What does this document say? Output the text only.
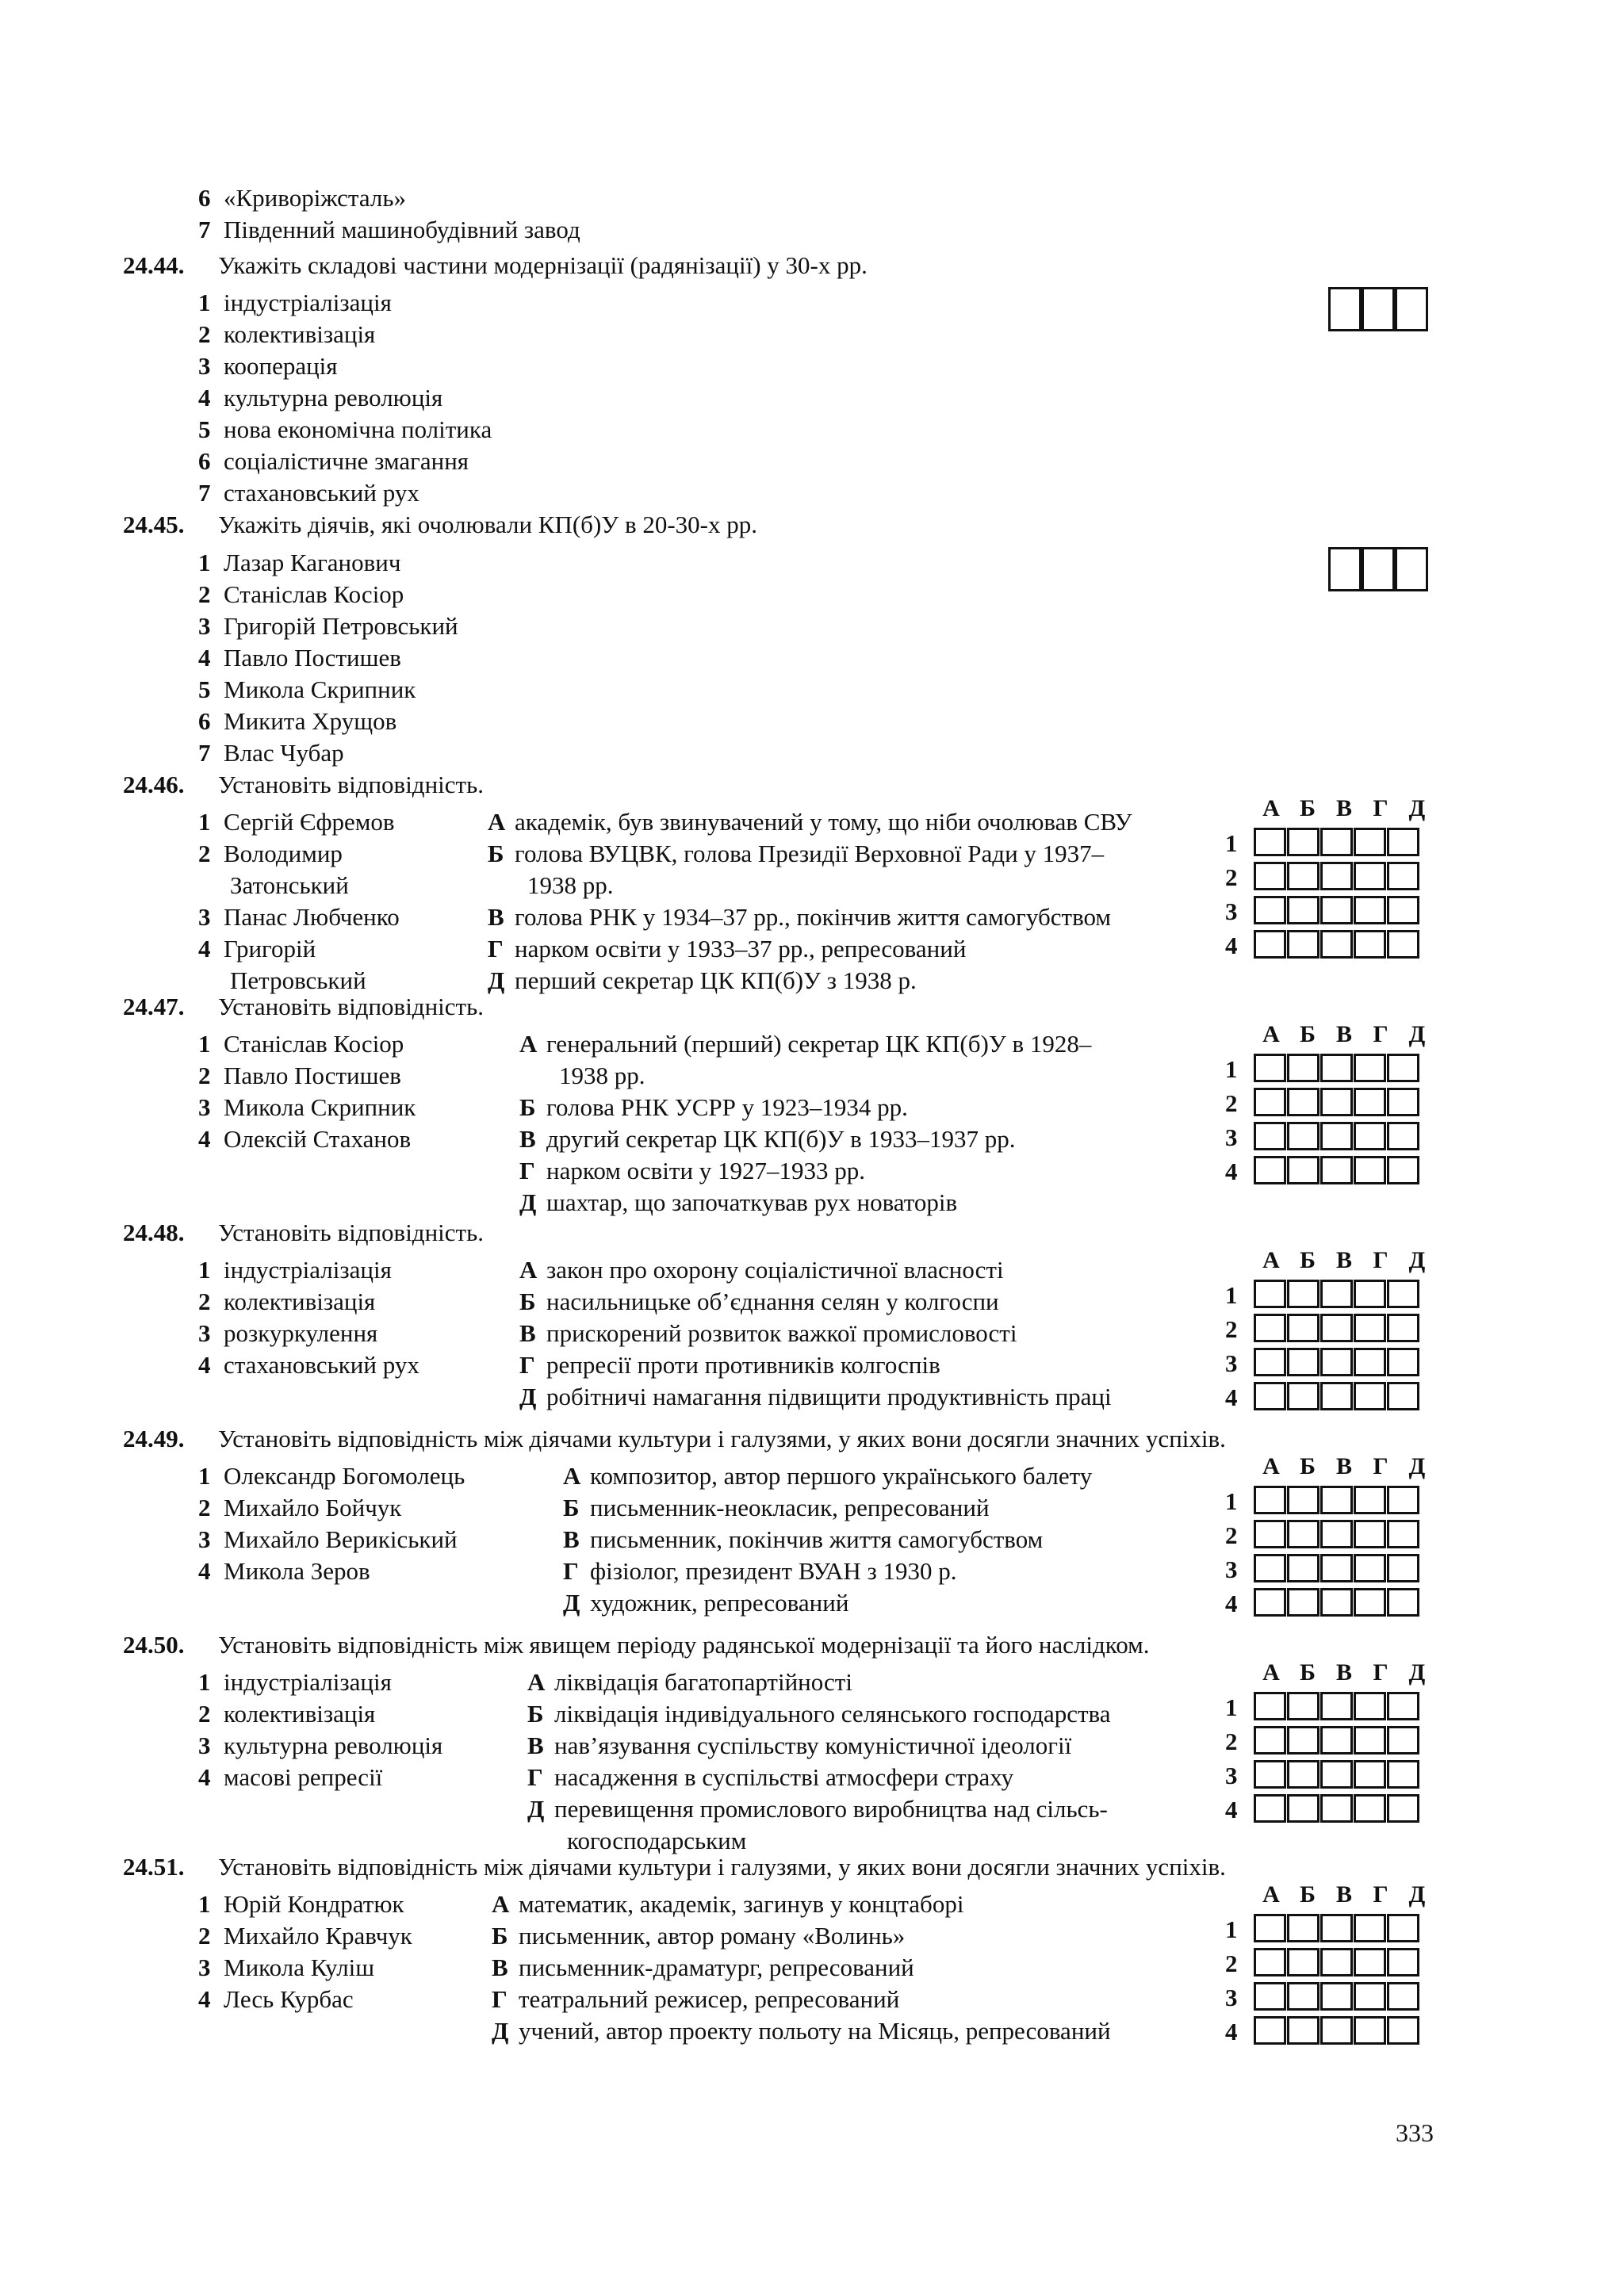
6 «Криворіжсталь»
7 Південний машинобудівний завод
24.44. Укажіть складові частини модернізації (радянізації) у 30-х рр.
1 індустріалізація
2 колективізація
3 кооперація
4 культурна революція
5 нова економічна політика
6 соціалістичне змагання
7 стахановський рух
24.45. Укажіть діячів, які очолювали КП(б)У в 20-30-х рр.
1 Лазар Каганович
2 Станіслав Косіор
3 Григорій Петровський
4 Павло Постишев
5 Микола Скрипник
6 Микита Хрущов
7 Влас Чубар
24.46. Установіть відповідність.
1 Сергій Єфремов
2 Володимир
Затонський
3 Панас Любченко
4 Григорій
Петровський
А академік, був звинувачений у тому, що ніби очолював СВУ
Б голова ВУЦВК, голова Президії Верховної Ради у 1937–
1938 рр.
В голова РНК у 1934–37 рр., покінчив життя самогубством
Г нарком освіти у 1933–37 рр., репресований
Д перший секретар ЦК КП(б)У з 1938 р.
А Б В Г Д
1
2
3
4
24.47. Установіть відповідність.
1 Станіслав Косіор
2 Павло Постишев
3 Микола Скрипник
4 Олексій Стаханов
А генеральний (перший) секретар ЦК КП(б)У в 1928–
1938 рр.
Б голова РНК УСРР у 1923–1934 рр.
В другий секретар ЦК КП(б)У в 1933–1937 рр.
Г нарком освіти у 1927–1933 рр.
Д шахтар, що започаткував рух новаторів
А Б В Г Д
1
2
3
4
24.48. Установіть відповідність.
1 індустріалізація
2 колективізація
3 розкуркулення
4 стахановський рух
А закон про охорону соціалістичної власності
Б насильницьке об’єднання селян у колгоспи
В прискорений розвиток важкої промисловості
Г репресії проти противників колгоспів
Д робітничі намагання підвищити продуктивність праці
А Б В Г Д
1
2
3
4
24.49. Установіть відповідність між діячами культури і галузями, у яких вони досягли значних успіхів.
1 Олександр Богомолець
2 Михайло Бойчук
3 Михайло Верикіський
4 Микола Зеров
А композитор, автор першого українського балету
Б письменник-неокласик, репресований
В письменник, покінчив життя самогубством
Г фізіолог, президент ВУАН з 1930 р.
Д художник, репресований
А Б В Г Д
1
2
3
4
24.50. Установіть відповідність між явищем періоду радянської модернізації та його наслідком.
1 індустріалізація
2 колективізація
3 культурна революція
4 масові репресії
А ліквідація багатопартійності
Б ліквідація індивідуального селянського господарства
В нав’язування суспільству комуністичної ідеології
Г насадження в суспільстві атмосфери страху
Д перевищення промислового виробництва над сільсь-
когосподарським
А Б В Г Д
1
2
3
4
24.51. Установіть відповідність між діячами культури і галузями, у яких вони досягли значних успіхів.
1 Юрій Кондратюк
2 Михайло Кравчук
3 Микола Куліш
4 Лесь Курбас
А математик, академік, загинув у концтаборі
Б письменник, автор роману «Волинь»
В письменник-драматург, репресований
Г театральний режисер, репресований
Д учений, автор проекту польоту на Місяць, репресований
А Б В Г Д
1
2
3
4
333
